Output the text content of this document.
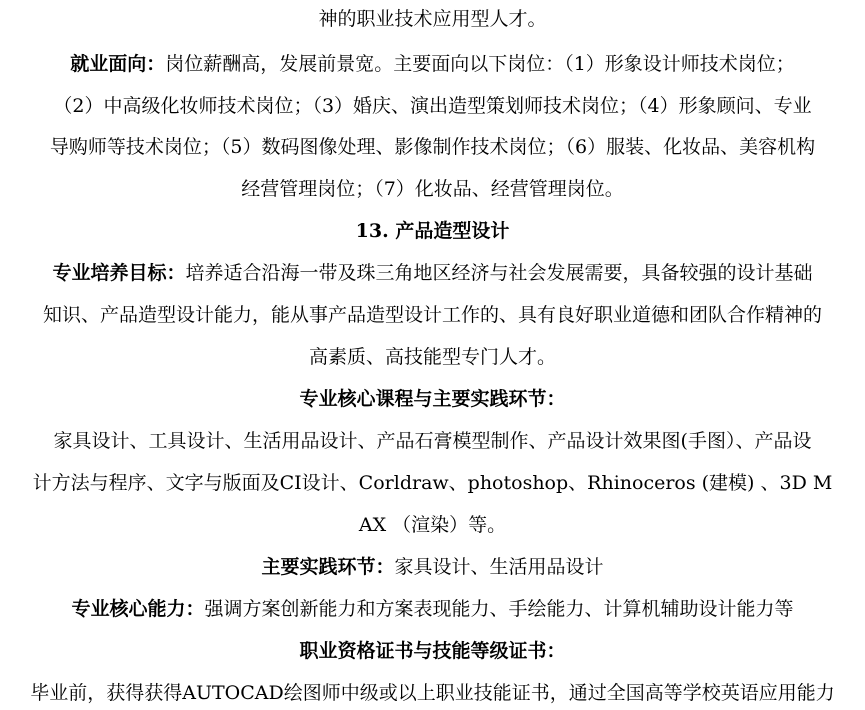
神的职业技术应用型人才。
就业面向：岗位薪酬高，发展前景宽。主要面向以下岗位：（1）形象设计师技术岗位；
（2）中高级化妆师技术岗位；（3）婚庆、演出造型策划师技术岗位；（4）形象顾问、专业
导购师等技术岗位；（5）数码图像处理、影像制作技术岗位；（6）服装、化妆品、美容机构
经营管理岗位；（7）化妆品、经营管理岗位。
13. 产品造型设计
专业培养目标：培养适合沿海一带及珠三角地区经济与社会发展需要，具备较强的设计基础
知识、产品造型设计能力，能从事产品造型设计工作的、具有良好职业道德和团队合作精神的
高素质、高技能型专门人才。
专业核心课程与主要实践环节：
家具设计、工具设计、生活用品设计、产品石膏模型制作、产品设计效果图(手图）、产品设
计方法与程序、文字与版面及CI设计、Corldraw、photoshop、Rhinoceros (建模) 、3D M
AX （渲染）等。
主要实践环节：家具设计、生活用品设计
专业核心能力：强调方案创新能力和方案表现能力、手绘能力、计算机辅助设计能力等
职业资格证书与技能等级证书：
毕业前，获得获得AUTOCAD绘图师中级或以上职业技能证书，通过全国高等学校英语应用能力
